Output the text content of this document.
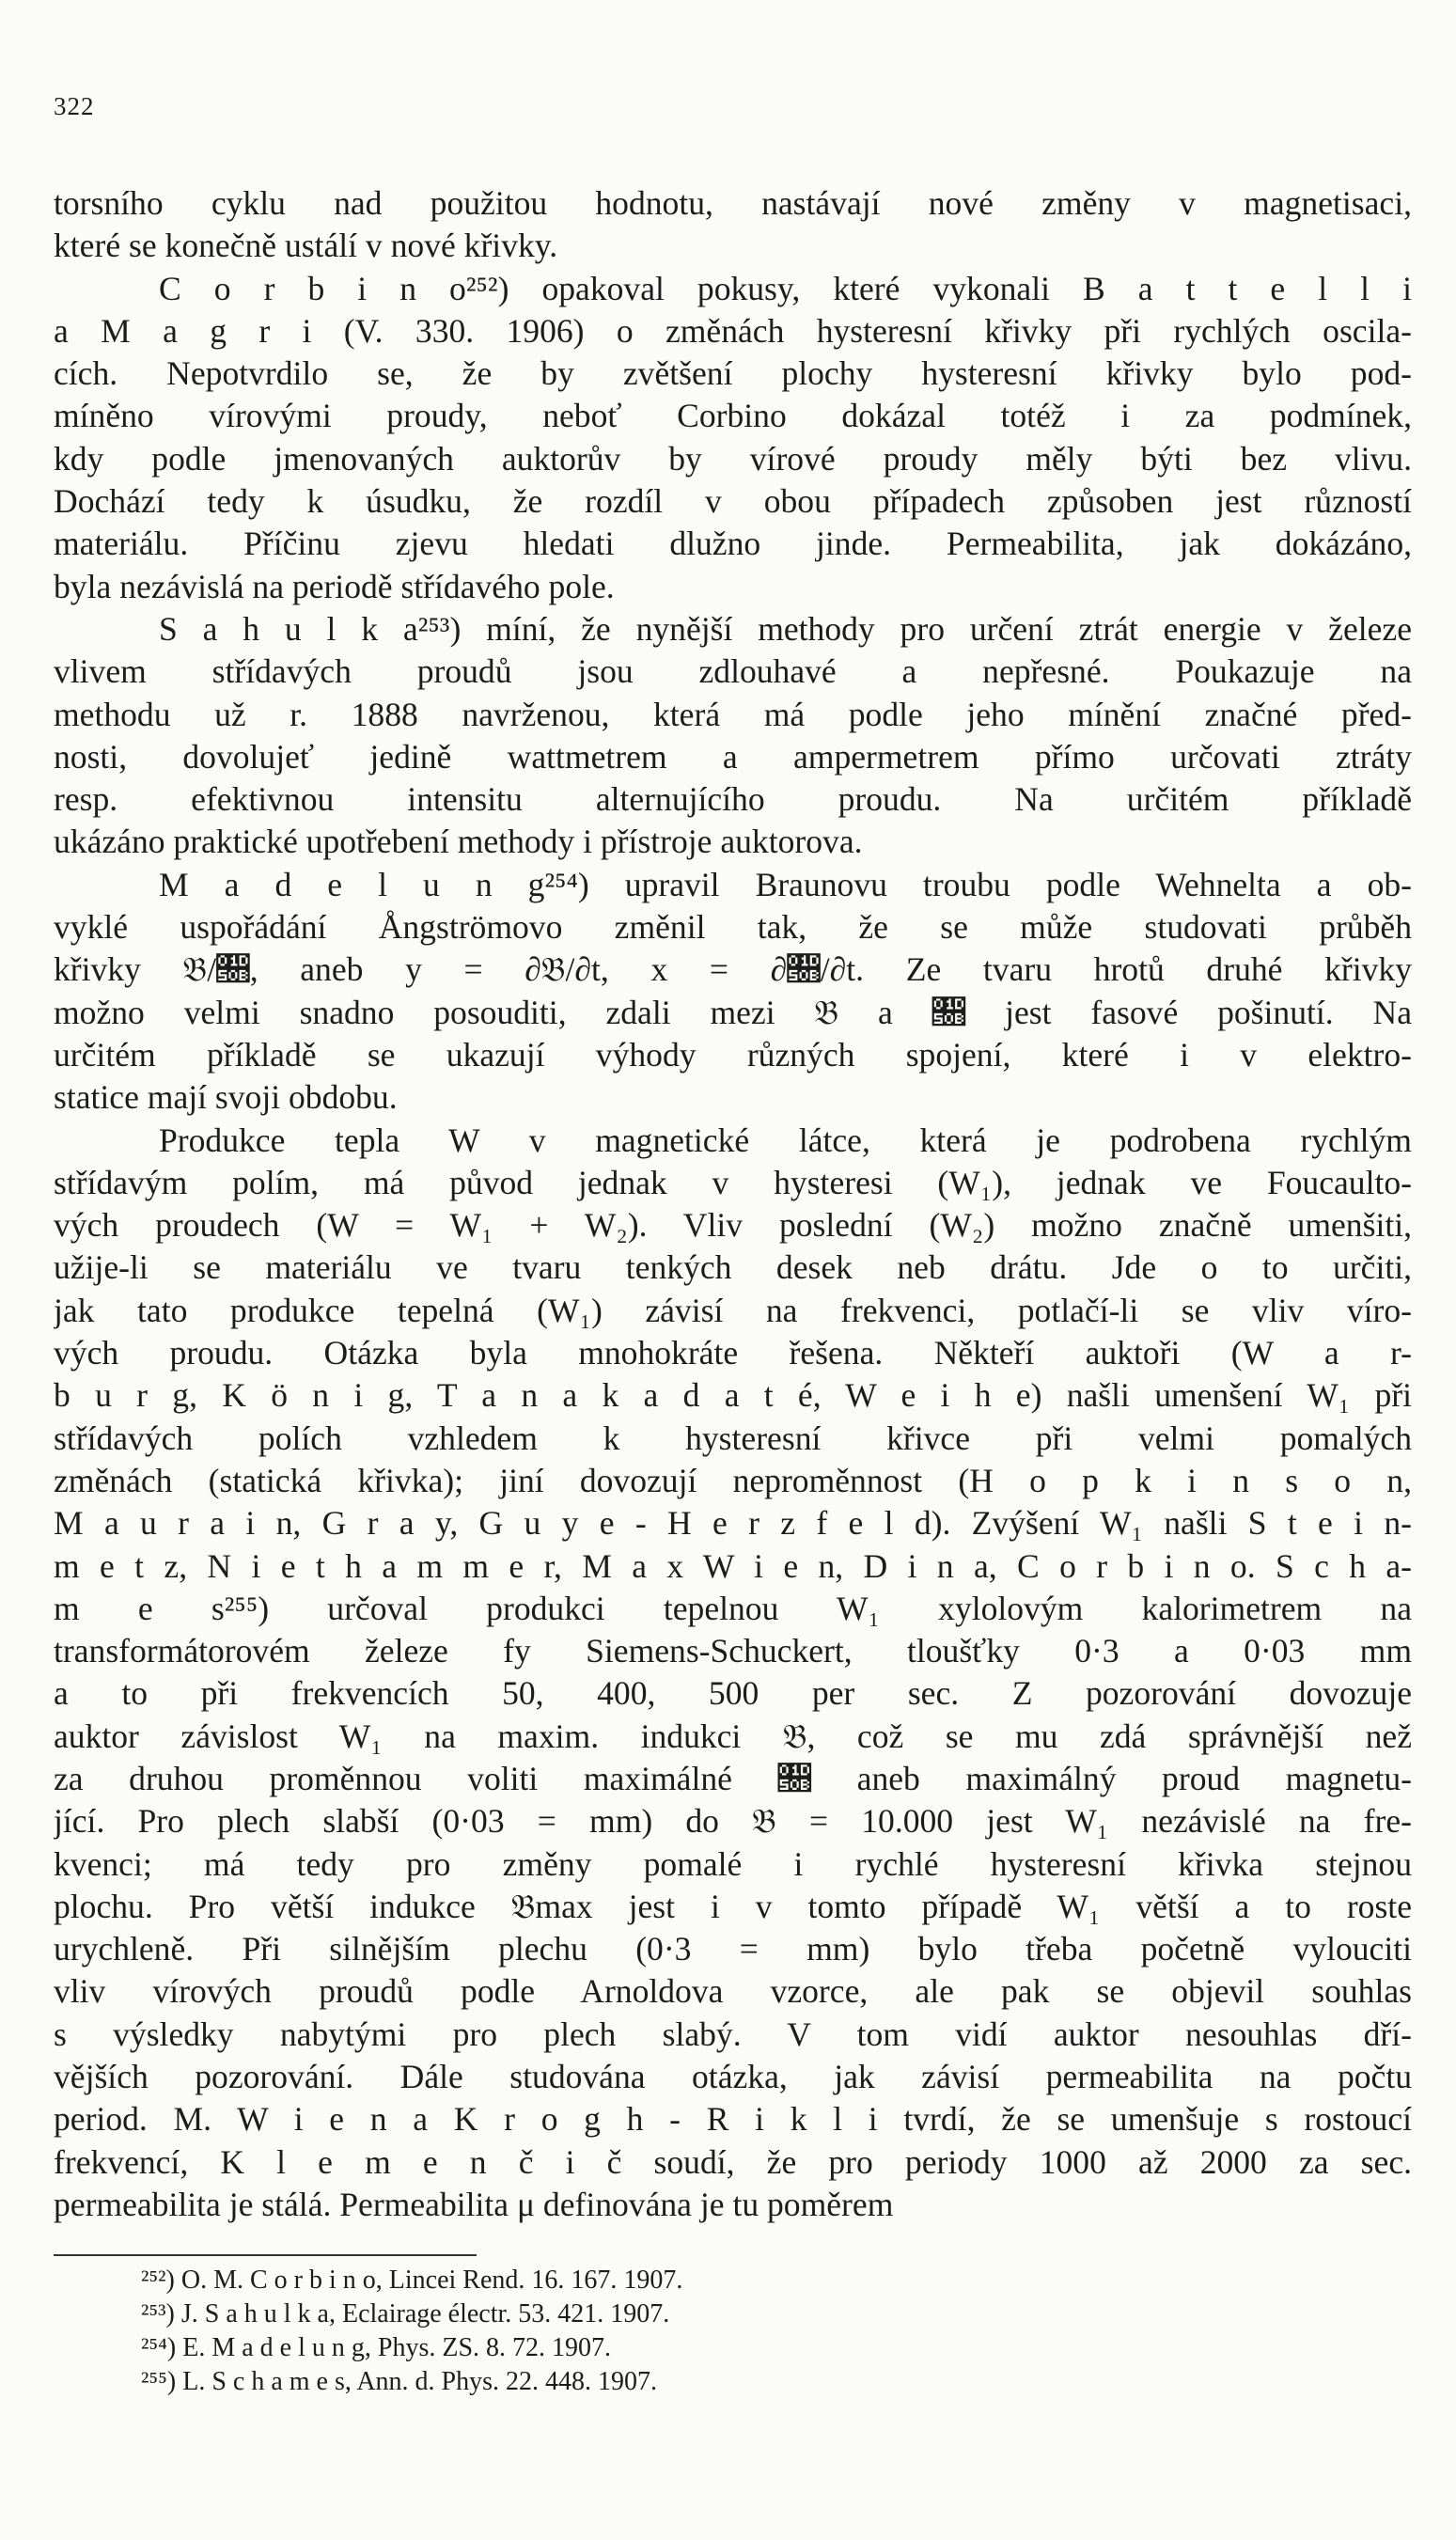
322
torsního cyklu nad použitou hodnotu, nastávají nové změny v magnetisaci,
které se konečně ustálí v nové křivky.
C o r b i n o²⁵²) opakoval pokusy, které vykonali B a t t e l l i
a M a g r i (V. 330. 1906) o změnách hysteresní křivky při rychlých oscila-
cích. Nepotvrdilo se, že by zvětšení plochy hysteresní křivky bylo pod-
míněno vírovými proudy, neboť Corbino dokázal totéž i za podmínek,
kdy podle jmenovaných auktorův by vírové proudy měly býti bez vlivu.
Dochází tedy k úsudku, že rozdíl v obou případech způsoben jest růzností
materiálu. Příčinu zjevu hledati dlužno jinde. Permeabilita, jak dokázáno,
byla nezávislá na periodě střídavého pole.
S a h u l k a²⁵³) míní, že nynější methody pro určení ztrát energie v železe
vlivem střídavých proudů jsou zdlouhavé a nepřesné. Poukazuje na
methodu už r. 1888 navrženou, která má podle jeho mínění značné před-
nosti, dovolujeť jedině wattmetrem a ampermetrem přímo určovati ztráty
resp. efektivnou intensitu alternujícího proudu. Na určitém příkladě
ukázáno praktické upotřebení methody i přístroje auktorova.
M a d e l u n g²⁵⁴) upravil Braunovu troubu podle Wehnelta a ob-
vyklé uspořádání Ångströmovo změnil tak, že se může studovati průběh
křivky 𝔅/𝔋, aneb y = ∂𝔅/∂t, x = ∂𝔋/∂t. Ze tvaru hrotů druhé křivky
možno velmi snadno posouditi, zdali mezi 𝔅 a 𝔋 jest fasové pošinutí. Na
určitém příkladě se ukazují výhody různých spojení, které i v elektro-
statice mají svoji obdobu.
Produkce tepla W v magnetické látce, která je podrobena rychlým
střídavým polím, má původ jednak v hysteresi (W₁), jednak ve Foucaulto-
vých proudech (W = W₁ + W₂). Vliv poslední (W₂) možno značně umenšiti,
užije-li se materiálu ve tvaru tenkých desek neb drátu. Jde o to určiti,
jak tato produkce tepelná (W₁) závisí na frekvenci, potlačí-li se vliv víro-
vých proudu. Otázka byla mnohokráte řešena. Někteří auktoři (W a r-
b u r g, K ö n i g, T a n a k a d a t é, W e i h e) našli umenšení W₁ při
střídavých polích vzhledem k hysteresní křivce při velmi pomalých
změnách (statická křivka); jiní dovozují neproměnnost (H o p k i n s o n,
M a u r a i n, G r a y, G u y e - H e r z f e l d). Zvýšení W₁ našli S t e i n-
m e t z, N i e t h a m m e r, M a x W i e n, D i n a, C o r b i n o. S c h a-
m e s²⁵⁵) určoval produkci tepelnou W₁ xylolovým kalorimetrem na
transformátorovém železe fy Siemens-Schuckert, tloušťky 0·3 a 0·03 mm
a to při frekvencích 50, 400, 500 per sec. Z pozorování dovozuje
auktor závislost W₁ na maxim. indukci 𝔅, což se mu zdá správnější než
za druhou proměnnou voliti maximálné 𝔋 aneb maximálný proud magnetu-
jící. Pro plech slabší (0·03 = mm) do 𝔅 = 10.000 jest W₁ nezávislé na fre-
kvenci; má tedy pro změny pomalé i rychlé hysteresní křivka stejnou
plochu. Pro větší indukce 𝔅max jest i v tomto případě W₁ větší a to roste
urychleně. Při silnějším plechu (0·3 = mm) bylo třeba početně vylouciti
vliv vírových proudů podle Arnoldova vzorce, ale pak se objevil souhlas
s výsledky nabytými pro plech slabý. V tom vidí auktor nesouhlas dří-
vějších pozorování. Dále studována otázka, jak závisí permeabilita na počtu
period. M. W i e n a K r o g h - R i k l i tvrdí, že se umenšuje s rostoucí
frekvencí, K l e m e n č i č soudí, že pro periody 1000 až 2000 za sec.
permeabilita je stálá. Permeabilita μ definována je tu poměrem
²⁵²) O. M. C o r b i n o, Lincei Rend. 16. 167. 1907.
²⁵³) J. S a h u l k a, Eclairage électr. 53. 421. 1907.
²⁵⁴) E. M a d e l u n g, Phys. ZS. 8. 72. 1907.
²⁵⁵) L. S c h a m e s, Ann. d. Phys. 22. 448. 1907.
